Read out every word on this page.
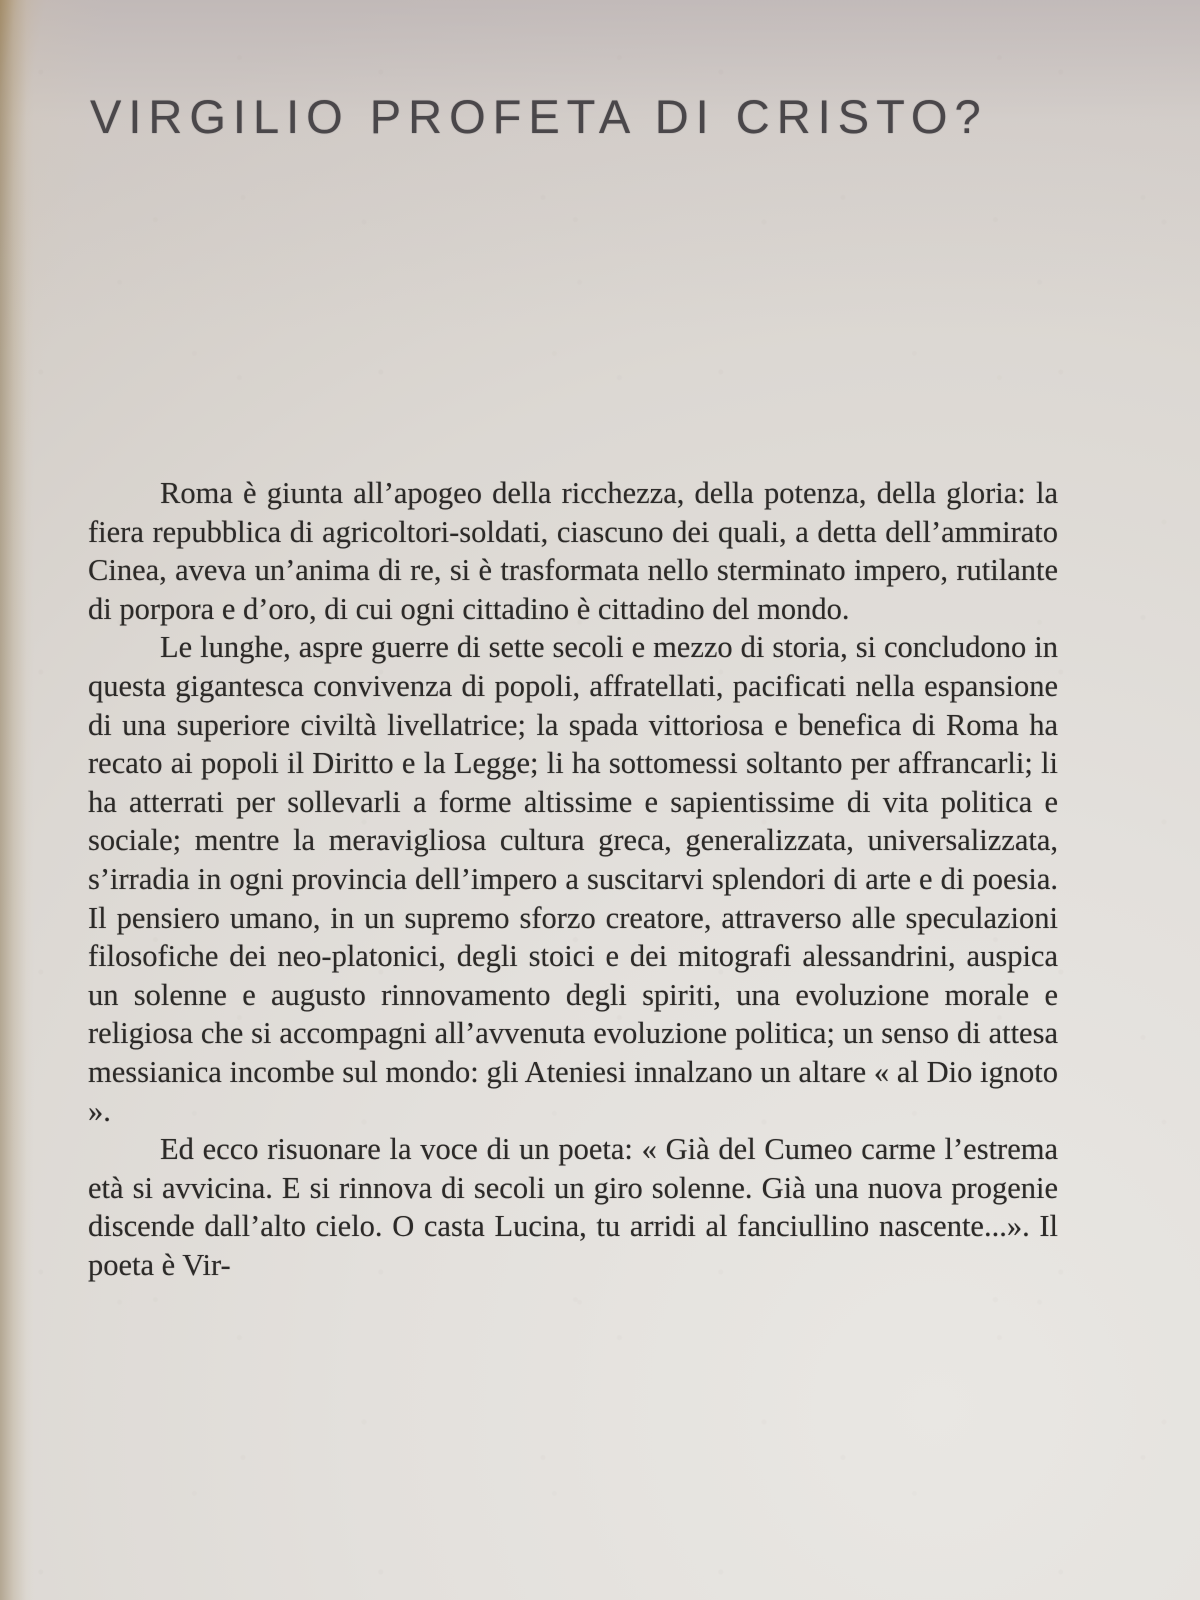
VIRGILIO PROFETA DI CRISTO?

Roma è giunta all’apogeo della ricchezza, della potenza, della gloria: la fiera repubblica di agricoltori-soldati, ciascuno dei quali, a detta dell’ammirato Cinea, aveva un’anima di re, si è trasformata nello sterminato impero, rutilante di porpora e d’oro, di cui ogni cittadino è cittadino del mondo.

Le lunghe, aspre guerre di sette secoli e mezzo di storia, si concludono in questa gigantesca convivenza di popoli, affratellati, pacificati nella espansione di una superiore civiltà livellatrice; la spada vittoriosa e benefica di Roma ha recato ai popoli il Diritto e la Legge; li ha sottomessi soltanto per affrancarli; li ha atterrati per sollevarli a forme altissime e sapientissime di vita politica e sociale; mentre la meravigliosa cultura greca, generalizzata, universalizzata, s’irradia in ogni provincia dell’impero a suscitarvi splendori di arte e di poesia. Il pensiero umano, in un supremo sforzo creatore, attraverso alle speculazioni filosofiche dei neo-platonici, degli stoici e dei mitografi alessandrini, auspica un solenne e augusto rinnovamento degli spiriti, una evoluzione morale e religiosa che si accompagni all’avvenuta evoluzione politica; un senso di attesa messianica incombe sul mondo: gli Ateniesi innalzano un altare « al Dio ignoto ».

Ed ecco risuonare la voce di un poeta: « Già del Cumeo carme l’estrema età si avvicina. E si rinnova di secoli un giro solenne. Già una nuova progenie discende dall’alto cielo. O casta Lucina, tu arridi al fanciullino nascente...». Il poeta è Vir-
